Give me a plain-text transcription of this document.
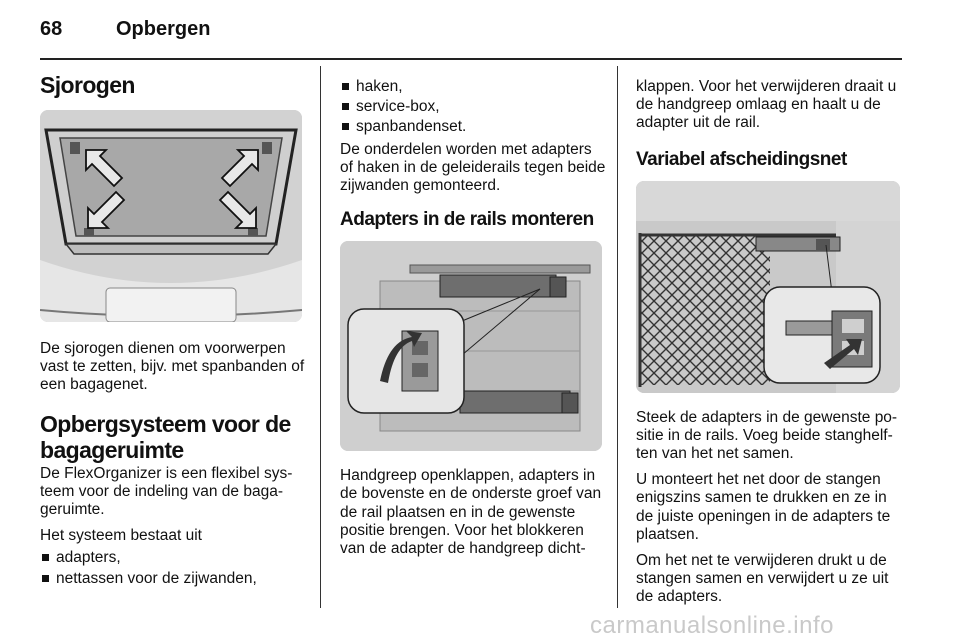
68	Opbergen
Sjorogen

De sjorogen dienen om voorwerpen vast te zetten, bijv. met spanbanden of een bagagenet.

Opbergsysteem voor de bagageruimte

De FlexOrganizer is een flexibel sys-teem voor de indeling van de baga-geruimte.

Het systeem bestaat uit

adapters,
nettassen voor de zijwanden,
haken,
service-box,
spanbandenset.

De onderdelen worden met adapters of haken in de geleiderails tegen beide zijwanden gemonteerd.

Adapters in de rails monteren

Handgreep openklappen, adapters in de bovenste en de onderste groef van de rail plaatsen en in de gewenste positie brengen. Voor het blokkeren van de adapter de handgreep dicht-

klappen. Voor het verwijderen draait u de handgreep omlaag en haalt u de adapter uit de rail.

Variabel afscheidingsnet

Steek de adapters in de gewenste po-sitie in de rails. Voeg beide stanghelf-ten van het net samen.

U monteert het net door de stangen enigszins samen te drukken en ze in de juiste openingen in de adapters te plaatsen.

Om het net te verwijderen drukt u de stangen samen en verwijdert u ze uit de adapters.

carmanualsonline.info
